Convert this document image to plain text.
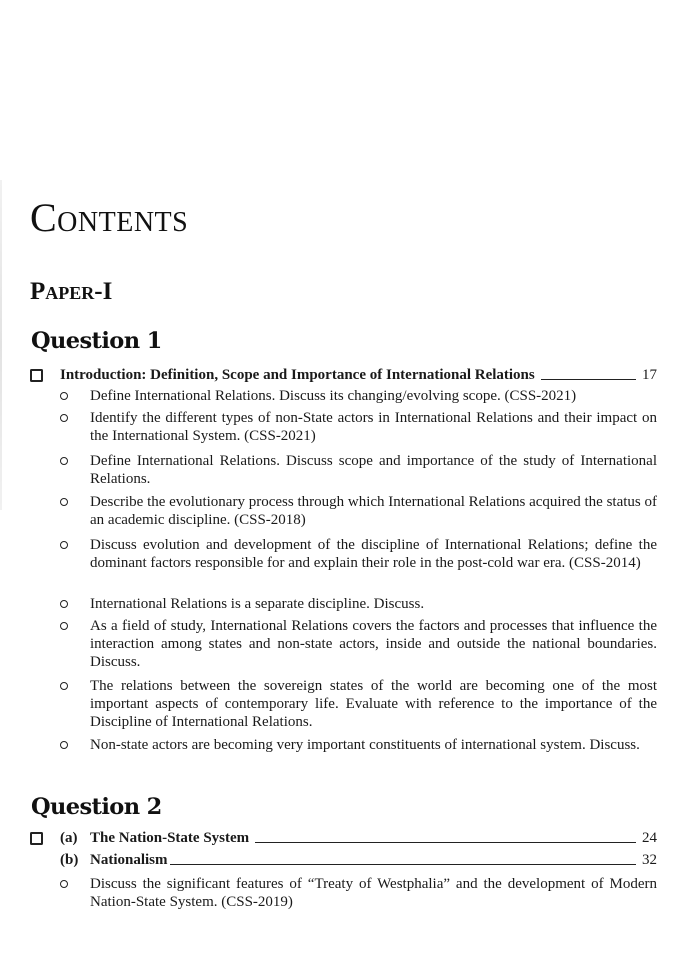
Contents
Paper-I
Question 1
Introduction: Definition, Scope and Importance of International Relations	17
Define International Relations. Discuss its changing/evolving scope. (CSS-2021)
Identify the different types of non-State actors in International Relations and their impact on the International System. (CSS-2021)
Define International Relations. Discuss scope and importance of the study of International Relations.
Describe the evolutionary process through which International Relations acquired the status of an academic discipline. (CSS-2018)
Discuss evolution and development of the discipline of International Relations; define the dominant factors responsible for and explain their role in the post-cold war era. (CSS-2014)
International Relations is a separate discipline. Discuss.
As a field of study, International Relations covers the factors and processes that influence the interaction among states and non-state actors, inside and outside the national boundaries. Discuss.
The relations between the sovereign states of the world are becoming one of the most important aspects of contemporary life. Evaluate with reference to the importance of the Discipline of International Relations.
Non-state actors are becoming very important constituents of international system. Discuss.
Question 2
(a) The Nation-State System	24
(b) Nationalism	32
Discuss the significant features of “Treaty of Westphalia” and the development of Modern Nation-State System. (CSS-2019)
